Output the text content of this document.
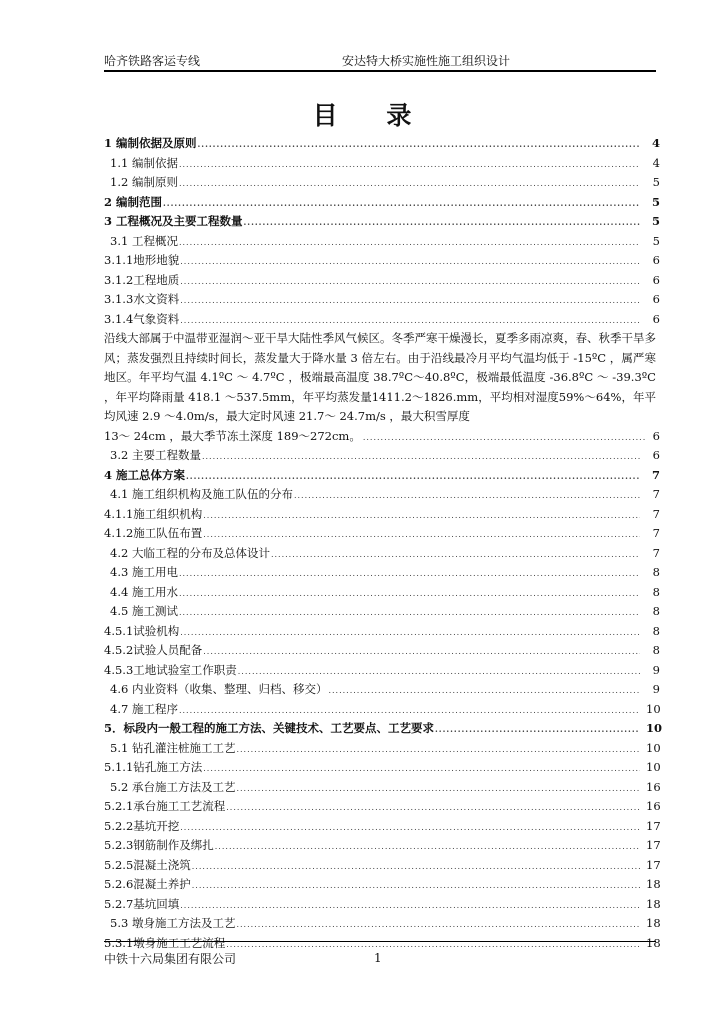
哈齐铁路客运专线	安达特大桥实施性施工组织设计
目 录
1 编制依据及原则 .....	4
1.1 编制依据 .....	4
1.2 编制原则 .....	5
2 编制范围 .....	5
3 工程概况及主要工程数量 .....	5
3.1 工程概况 .....	5
3.1.1地形地貌 .....	6
3.1.2工程地质 .....	6
3.1.3水文资料 .....	6
3.1.4气象资料 .....	6
沿线大部属于中温带亚湿润～亚干旱大陆性季风气候区。冬季严寒干燥漫长，夏季多雨凉爽，春、秋季干旱多风；蒸发强烈且持续时间长，蒸发量大于降水量 3 倍左右。由于沿线最冷月平均气温均低于 -15ºC ，属严寒地区。年平均气温 4.1ºC ～ 4.7ºC ，极端最高温度 38.7ºC～40.8ºC，极端最低温度 -36.8ºC ～ -39.3ºC ，年平均降雨量 418.1 ～537.5mm，年平均蒸发量1411.2～1826.mm，平均相对湿度59%～64%，年平均风速 2.9 ～4.0m/s，最大定时风速 21.7～ 24.7m/s ，最大积雪厚度
13～ 24cm ，最大季节冻土深度 189～272cm。 .....	6
3.2 主要工程数量 .....	6
4 施工总体方案 .....	7
4.1 施工组织机构及施工队伍的分布 .....	7
4.1.1施工组织机构 .....	7
4.1.2施工队伍布置 .....	7
4.2 大临工程的分布及总体设计 .....	7
4.3 施工用电 .....	8
4.4 施工用水 .....	8
4.5 施工测试 .....	8
4.5.1试验机构 .....	8
4.5.2试验人员配备 .....	8
4.5.3工地试验室工作职责 .....	9
4.6 内业资料（收集、整理、归档、移交） .....	9
4.7 施工程序 .....	10
5．标段内一般工程的施工方法、关键技术、工艺要点、工艺要求 .....	10
5.1 钻孔灌注桩施工工艺 .....	10
5.1.1钻孔施工方法 .....	10
5.2 承台施工方法及工艺 .....	16
5.2.1承台施工工艺流程 .....	16
5.2.2基坑开挖 .....	17
5.2.3钢筋制作及绑扎 .....	17
5.2.5混凝土浇筑 .....	17
5.2.6混凝土养护 .....	18
5.2.7基坑回填 .....	18
5.3 墩身施工方法及工艺 .....	18
5.3.1墩身施工工艺流程 .....	18
中铁十六局集团有限公司	1
